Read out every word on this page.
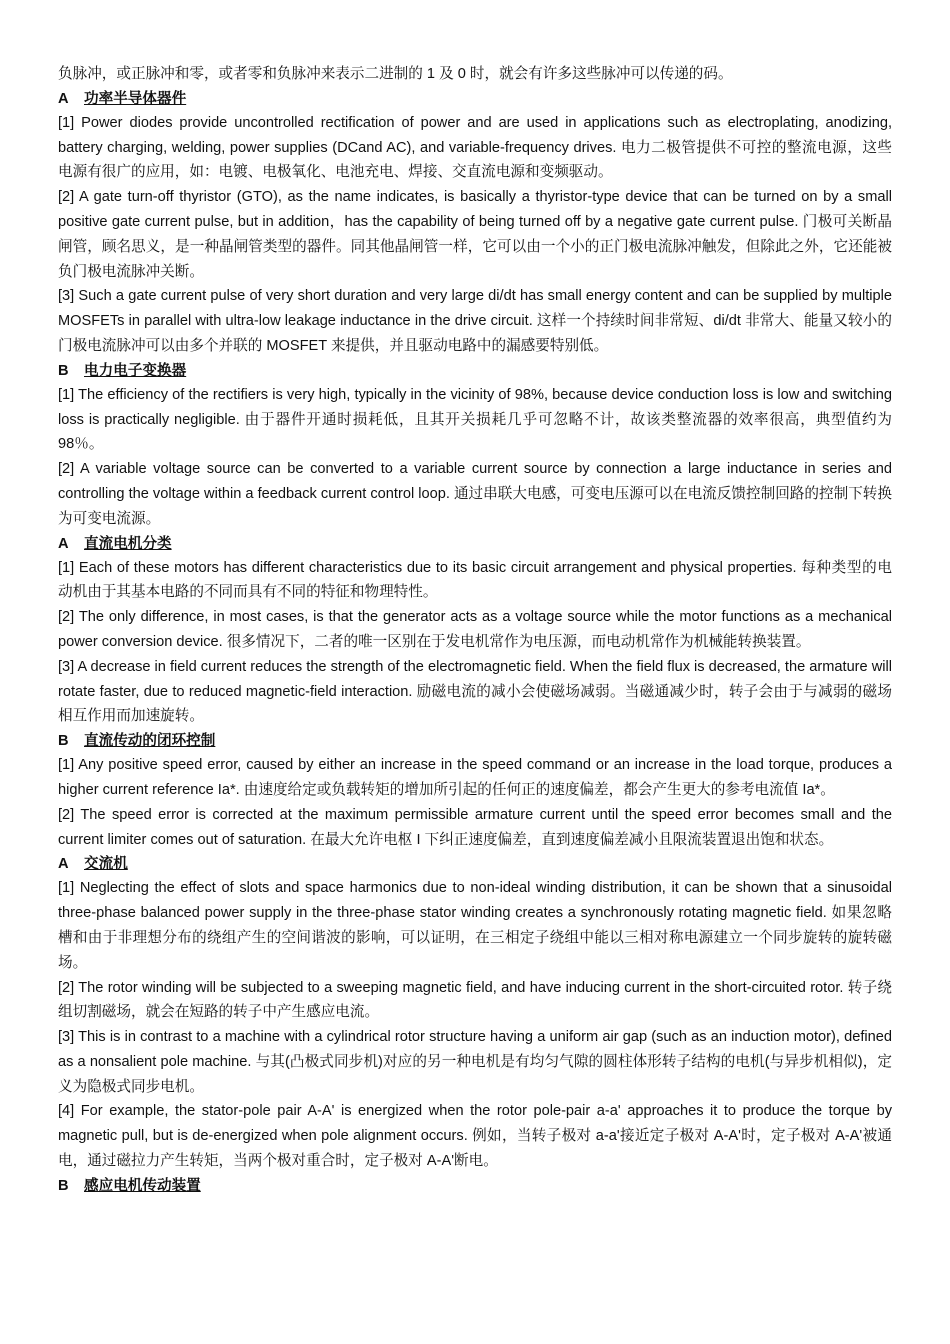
负脉冲，或正脉冲和零，或者零和负脉冲来表示二进制的 1 及 0 时，就会有许多这些脉冲可以传递的码。

A 功率半导体器件

[1] Power diodes provide uncontrolled rectification of power and are used in applications such as electroplating, anodizing, battery charging, welding, power supplies (DCand AC), and variable-frequency drives. 电力二极管提供不可控的整流电源，这些电源有很广的应用，如：电镀、电极氧化、电池充电、焊接、交直流电源和变频驱动。

[2] A gate turn-off thyristor (GTO), as the name indicates, is basically a thyristor-type device that can be turned on by a small positive gate current pulse, but in addition，has the capability of being turned off by a negative gate current pulse. 门极可关断晶闸管，顾名思义，是一种晶闸管类型的器件。同其他晶闸管一样，它可以由一个小的正门极电流脉冲触发，但除此之外，它还能被负门极电流脉冲关断。

[3] Such a gate current pulse of very short duration and very large di/dt has small energy content and can be supplied by multiple MOSFETs in parallel with ultra-low leakage inductance in the drive circuit. 这样一个持续时间非常短、di/dt 非常大、能量又较小的门极电流脉冲可以由多个并联的 MOSFET 来提供，并且驱动电路中的漏感要特别低。

B 电力电子变换器

[1] The efficiency of the rectifiers is very high, typically in the vicinity of 98%, because device conduction loss is low and switching loss is practically negligible. 由于器件开通时损耗低，且其开关损耗几乎可忽略不计，故该类整流器的效率很高，典型值约为 98％。

[2] A variable voltage source can be converted to a variable current source by connection a large inductance in series and controlling the voltage within a feedback current control loop. 通过串联大电感，可变电压源可以在电流反馈控制回路的控制下转换为可变电流源。

A 直流电机分类

[1] Each of these motors has different characteristics due to its basic circuit arrangement and physical properties. 每种类型的电动机由于其基本电路的不同而具有不同的特征和物理特性。

[2] The only difference, in most cases, is that the generator acts as a voltage source while the motor functions as a mechanical power conversion device. 很多情况下，二者的唯一区别在于发电机常作为电压源，而电动机常作为机械能转换装置。

[3] A decrease in field current reduces the strength of the electromagnetic field. When the field flux is decreased, the armature will rotate faster, due to reduced magnetic-field interaction. 励磁电流的减小会使磁场减弱。当磁通减少时，转子会由于与减弱的磁场相互作用而加速旋转。

B 直流传动的闭环控制

[1] Any positive speed error, caused by either an increase in the speed command or an increase in the load torque, produces a higher current reference Ia*. 由速度给定或负载转矩的增加所引起的任何正的速度偏差，都会产生更大的参考电流值 Ia*。

[2] The speed error is corrected at the maximum permissible armature current until the speed error becomes small and the current limiter comes out of saturation. 在最大允许电枢 I 下纠正速度偏差，直到速度偏差减小且限流装置退出饱和状态。

A 交流机

[1] Neglecting the effect of slots and space harmonics due to non-ideal winding distribution, it can be shown that a sinusoidal three-phase balanced power supply in the three-phase stator winding creates a synchronously rotating magnetic field. 如果忽略槽和由于非理想分布的绕组产生的空间谐波的影响，可以证明，在三相定子绕组中能以三相对称电源建立一个同步旋转的旋转磁场。

[2] The rotor winding will be subjected to a sweeping magnetic field, and have inducing current in the short-circuited rotor. 转子绕组切割磁场，就会在短路的转子中产生感应电流。

[3] This is in contrast to a machine with a cylindrical rotor structure having a uniform air gap (such as an induction motor), defined as a nonsalient pole machine. 与其(凸极式同步机)对应的另一种电机是有均匀气隙的圆柱体形转子结构的电机(与异步机相似)，定义为隐极式同步电机。

[4] For example, the stator-pole pair A-A' is energized when the rotor pole-pair a-a' approaches it to produce the torque by magnetic pull, but is de-energized when pole alignment occurs. 例如，当转子极对 a-a'接近定子极对 A-A'时，定子极对 A-A'被通电，通过磁拉力产生转矩，当两个极对重合时，定子极对 A-A'断电。

B 感应电机传动装置
